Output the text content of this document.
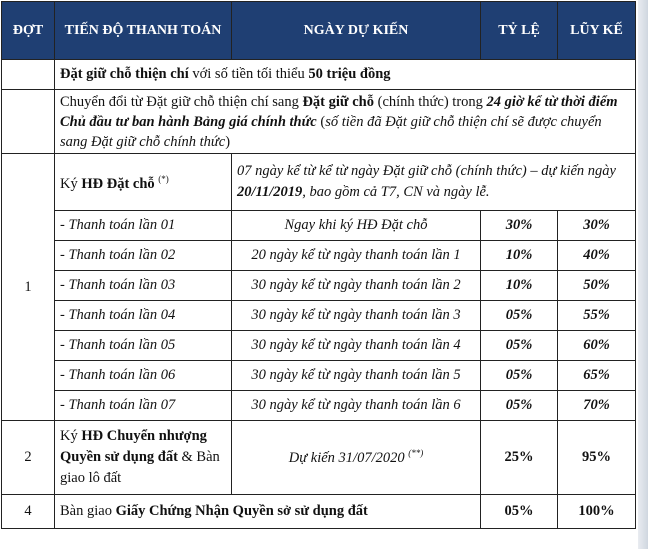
ĐỢT	TIẾN ĐỘ THANH TOÁN	NGÀY DỰ KIẾN	TỶ LỆ	LŨY KẾ
	Đặt giữ chỗ thiện chí với số tiền tối thiểu 50 triệu đồng			
	Chuyển đổi từ Đặt giữ chỗ thiện chí sang Đặt giữ chỗ (chính thức) trong 24 giờ kể từ thời điểm Chủ đầu tư ban hành Bảng giá chính thức (số tiền đã Đặt giữ chỗ thiện chí sẽ được chuyển sang Đặt giữ chỗ chính thức)			
1	Ký HĐ Đặt chỗ (*)	07 ngày kể từ kể từ ngày Đặt giữ chỗ (chính thức) – dự kiến ngày 20/11/2019, bao gồm cả T7, CN và ngày lễ.		
	- Thanh toán lần 01	Ngay khi ký HĐ Đặt chỗ	30%	30%
	- Thanh toán lần 02	20 ngày kể từ ngày thanh toán lần 1	10%	40%
	- Thanh toán lần 03	30 ngày kể từ ngày thanh toán lần 2	10%	50%
	- Thanh toán lần 04	30 ngày kể từ ngày thanh toán lần 3	05%	55%
	- Thanh toán lần 05	30 ngày kể từ ngày thanh toán lần 4	05%	60%
	- Thanh toán lần 06	30 ngày kể từ ngày thanh toán lần 5	05%	65%
	- Thanh toán lần 07	30 ngày kể từ ngày thanh toán lần 6	05%	70%
2	Ký HĐ Chuyển nhượng Quyền sử dụng đất & Bàn giao lô đất	Dự kiến 31/07/2020 (**)	25%	95%
4	Bàn giao Giấy Chứng Nhận Quyền sở sử dụng đất		05%	100%
